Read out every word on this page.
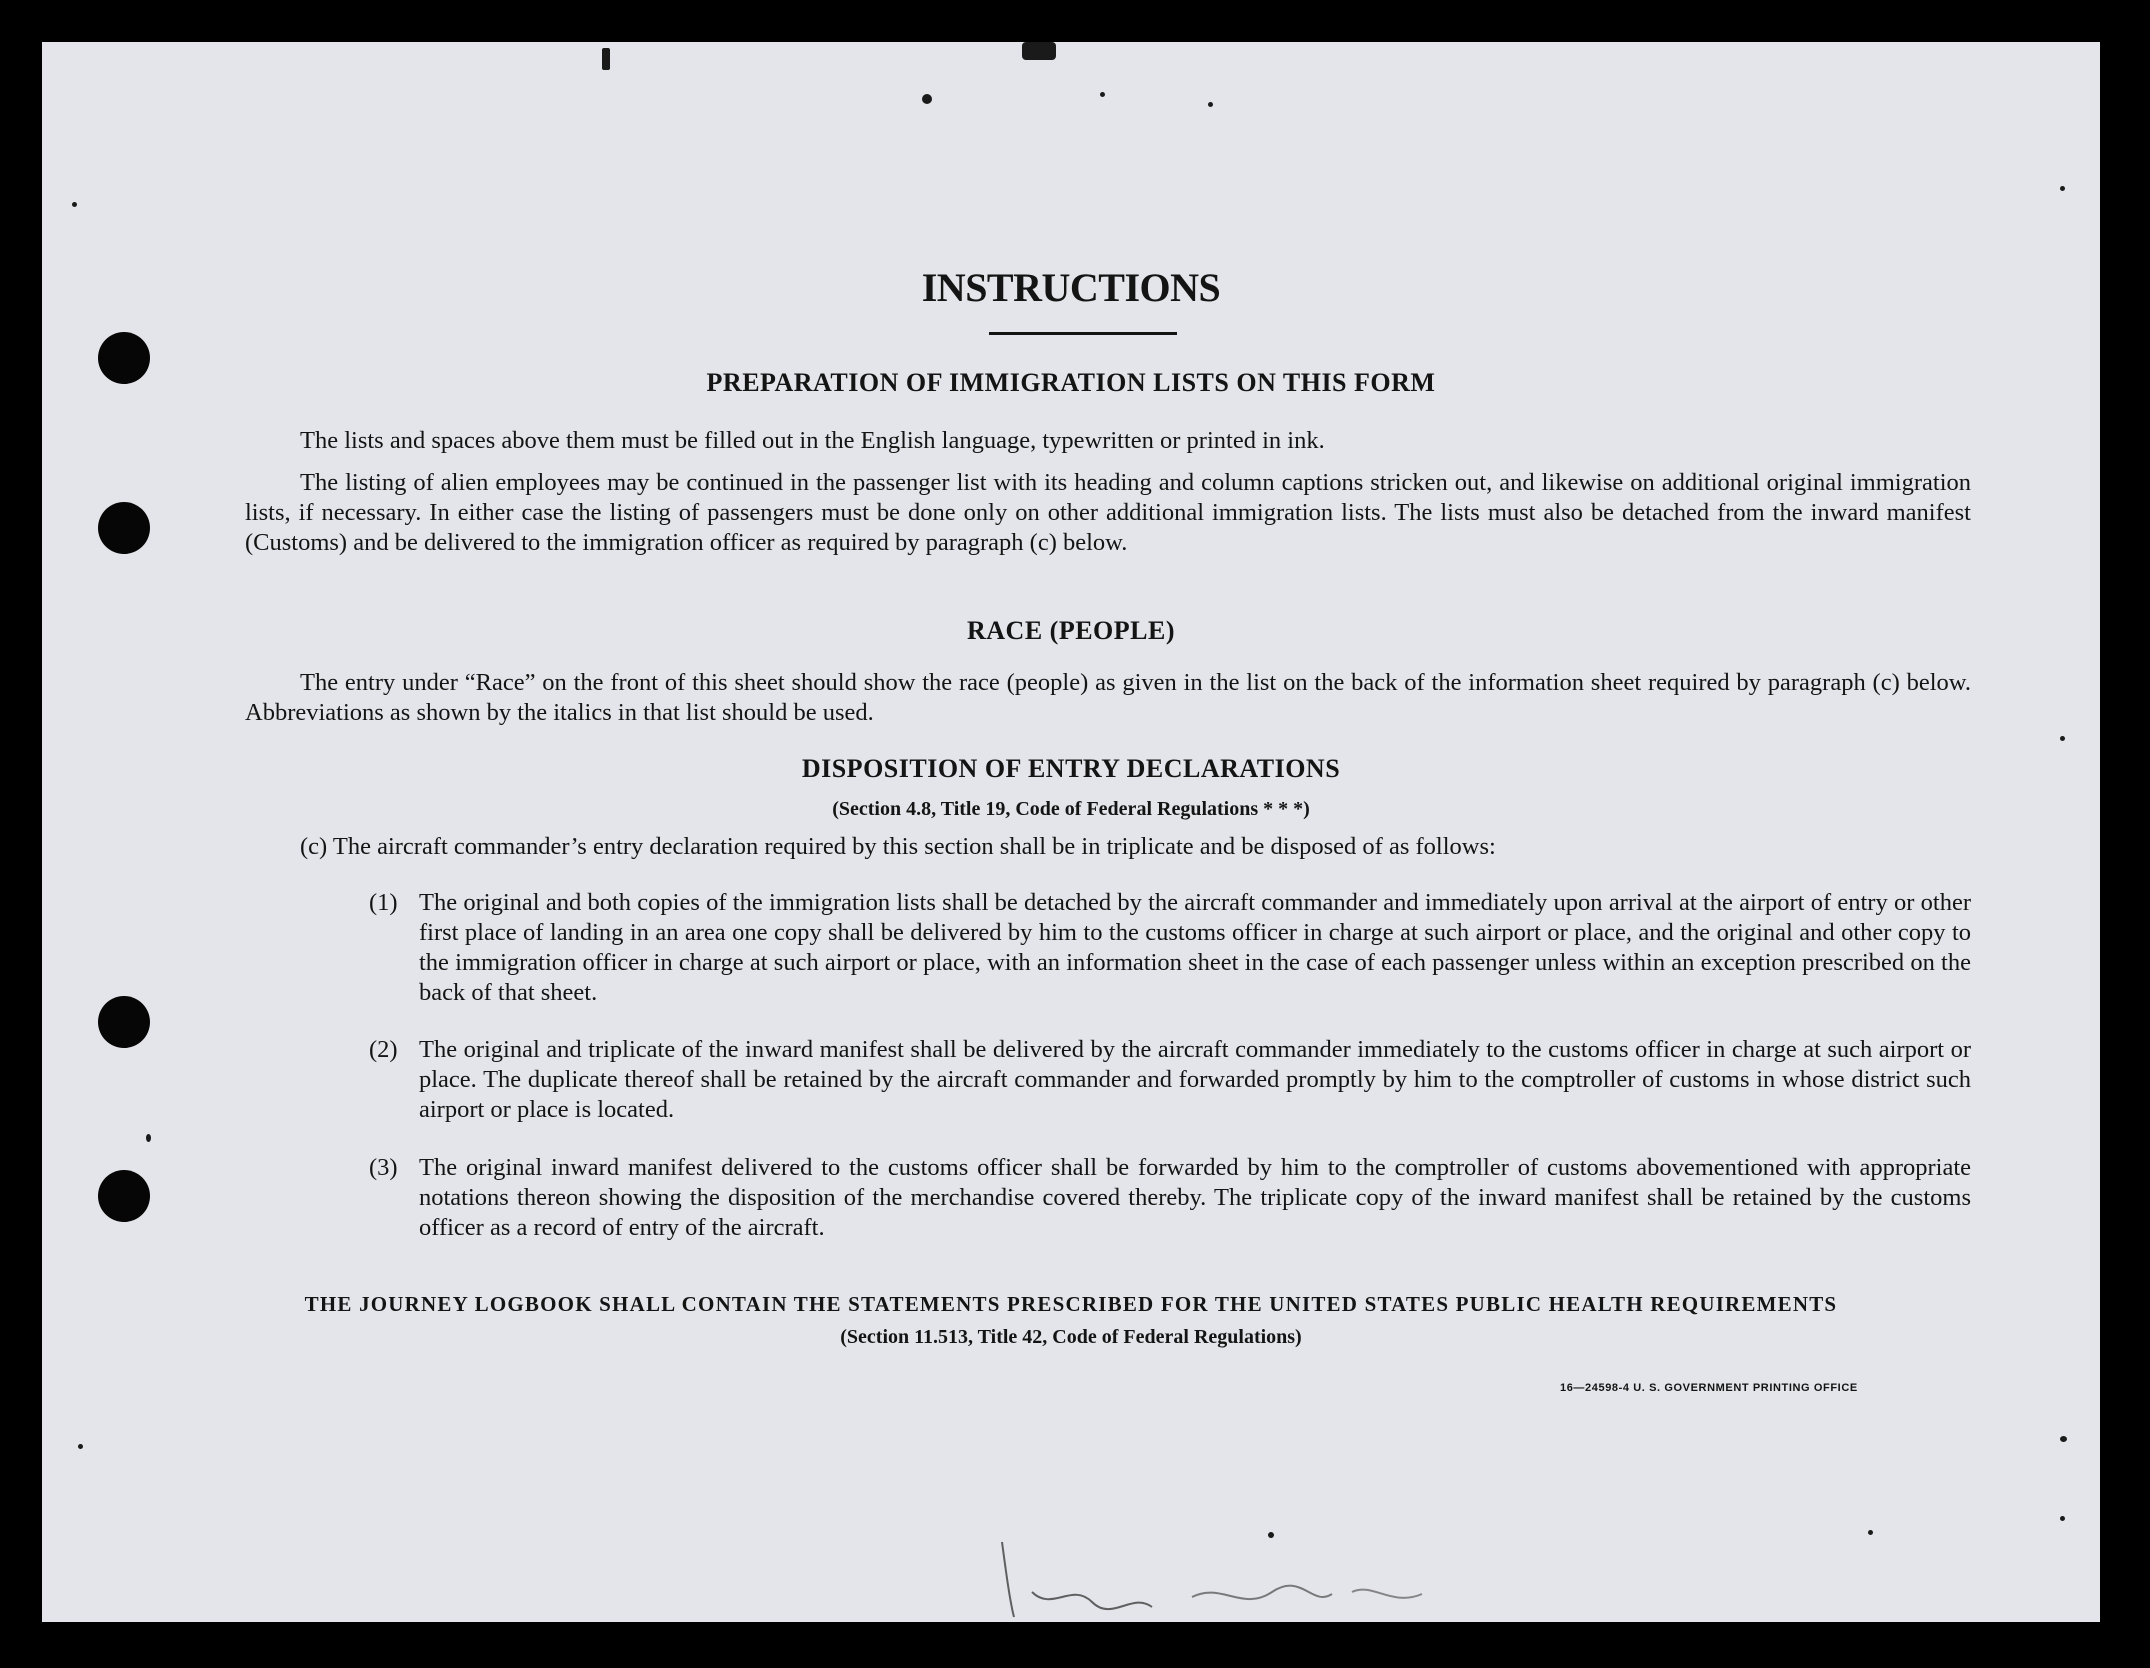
INSTRUCTIONS
PREPARATION OF IMMIGRATION LISTS ON THIS FORM
The lists and spaces above them must be filled out in the English language, typewritten or printed in ink.
The listing of alien employees may be continued in the passenger list with its heading and column captions stricken out, and likewise on additional original immigration lists, if necessary. In either case the listing of passengers must be done only on other additional immigration lists. The lists must also be detached from the inward manifest (Customs) and be delivered to the immigration officer as required by paragraph (c) below.
RACE (PEOPLE)
The entry under “Race” on the front of this sheet should show the race (people) as given in the list on the back of the information sheet required by paragraph (c) below. Abbreviations as shown by the italics in that list should be used.
DISPOSITION OF ENTRY DECLARATIONS
(Section 4.8, Title 19, Code of Federal Regulations * * *)
(c) The aircraft commander’s entry declaration required by this section shall be in triplicate and be disposed of as follows:
(1) The original and both copies of the immigration lists shall be detached by the aircraft commander and immediately upon arrival at the airport of entry or other first place of landing in an area one copy shall be delivered by him to the customs officer in charge at such airport or place, and the original and other copy to the immigration officer in charge at such airport or place, with an information sheet in the case of each passenger unless within an exception prescribed on the back of that sheet.
(2) The original and triplicate of the inward manifest shall be delivered by the aircraft commander immediately to the customs officer in charge at such airport or place. The duplicate thereof shall be retained by the aircraft commander and forwarded promptly by him to the comptroller of customs in whose district such airport or place is located.
(3) The original inward manifest delivered to the customs officer shall be forwarded by him to the comptroller of customs abovementioned with appropriate notations thereon showing the disposition of the merchandise covered thereby. The triplicate copy of the inward manifest shall be retained by the customs officer as a record of entry of the aircraft.
THE JOURNEY LOGBOOK SHALL CONTAIN THE STATEMENTS PRESCRIBED FOR THE UNITED STATES PUBLIC HEALTH REQUIREMENTS
(Section 11.513, Title 42, Code of Federal Regulations)
16—24598-4 U. S. GOVERNMENT PRINTING OFFICE
